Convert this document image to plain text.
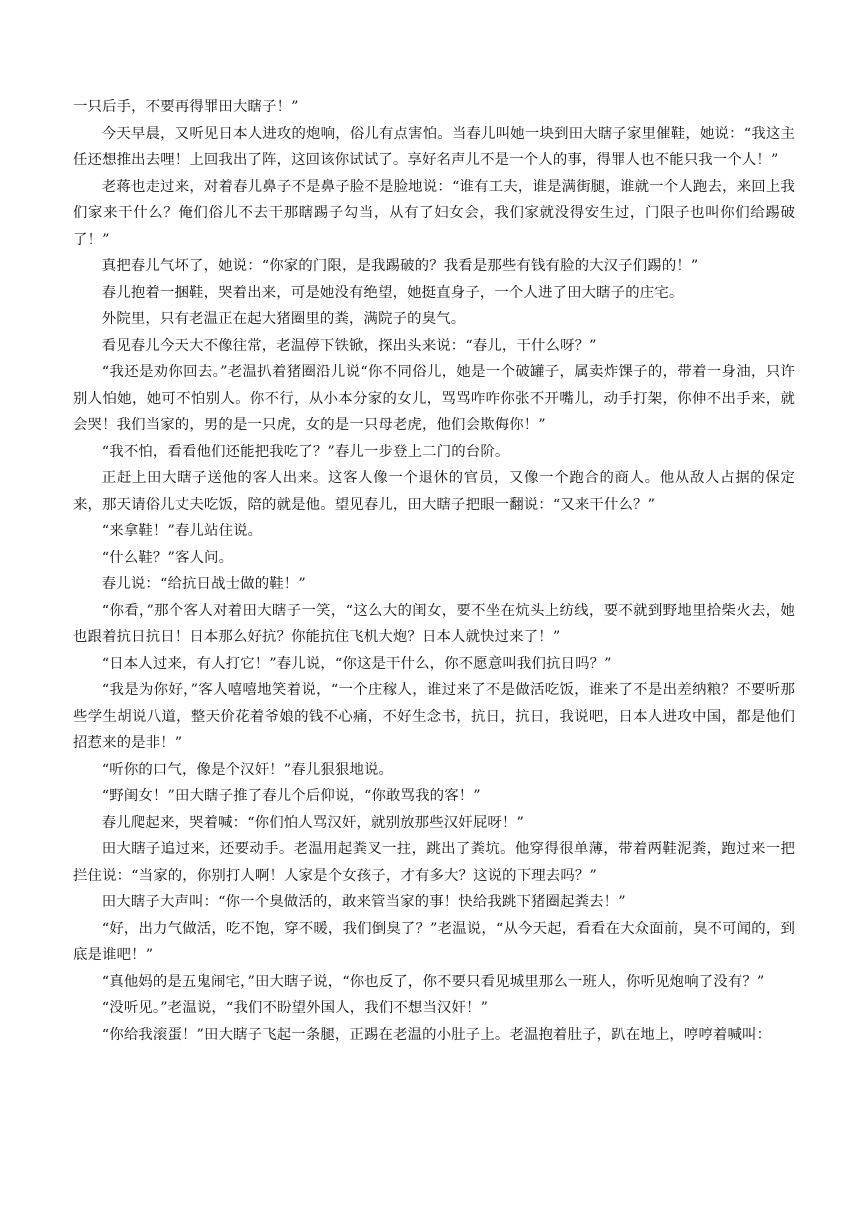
一只后手，不要再得罪田大瞎子！”

今天早晨，又听见日本人进攻的炮响，俗儿有点害怕。当春儿叫她一块到田大瞎子家里催鞋，她说：“我这主任还想推出去哩！上回我出了阵，这回该你试试了。享好名声儿不是一个人的事，得罪人也不能只我一个人！”

老蒋也走过来，对着春儿鼻子不是鼻子脸不是脸地说：“谁有工夫，谁是满街腿，谁就一个人跑去，来回上我们家来干什么？俺们俗儿不去干那瞎踢子勾当，从有了妇女会，我们家就没得安生过，门限子也叫你们给踢破了！”

真把春儿气坏了，她说：“你家的门限，是我踢破的？我看是那些有钱有脸的大汉子们踢的！”

春儿抱着一捆鞋，哭着出来，可是她没有绝望，她挺直身子，一个人进了田大瞎子的庄宅。

外院里，只有老温正在起大猪圈里的粪，满院子的臭气。

看见春儿今天大不像往常，老温停下铁锨，探出头来说：“春儿，干什么呀？”

“我还是劝你回去。”老温扒着猪圈沿儿说“你不同俗儿，她是一个破罐子，属卖炸馃子的，带着一身油，只许别人怕她，她可不怕别人。你不行，从小本分家的女儿，骂骂咋咋你张不开嘴儿，动手打架，你伸不出手来，就会哭！我们当家的，男的是一只虎，女的是一只母老虎，他们会欺侮你！”

“我不怕，看看他们还能把我吃了？”春儿一步登上二门的台阶。

正赶上田大瞎子送他的客人出来。这客人像一个退休的官员，又像一个跑合的商人。他从敌人占据的保定来，那天请俗儿丈夫吃饭，陪的就是他。望见春儿，田大瞎子把眼一翻说：“又来干什么？”

“来拿鞋！”春儿站住说。

“什么鞋？”客人问。

春儿说：“给抗日战士做的鞋！”

“你看，”那个客人对着田大瞎子一笑，“这么大的闺女，要不坐在炕头上纺线，要不就到野地里拾柴火去，她也跟着抗日抗日！日本那么好抗？你能抗住飞机大炮？日本人就快过来了！”

“日本人过来，有人打它！”春儿说，“你这是干什么，你不愿意叫我们抗日吗？”

“我是为你好，”客人嘻嘻地笑着说，“一个庄稼人，谁过来了不是做活吃饭，谁来了不是出差纳粮？不要听那些学生胡说八道，整天价花着爷娘的钱不心痛，不好生念书，抗日，抗日，我说吧，日本人进攻中国，都是他们招惹来的是非！”

“听你的口气，像是个汉奸！”春儿狠狠地说。

“野闺女！”田大瞎子推了春儿个后仰说，“你敢骂我的客！”

春儿爬起来，哭着喊：“你们怕人骂汉奸，就别放那些汉奸屁呀！”

田大瞎子追过来，还要动手。老温用起粪叉一拄，跳出了粪坑。他穿得很单薄，带着两鞋泥粪，跑过来一把拦住说：“当家的，你别打人啊！人家是个女孩子，才有多大？这说的下理去吗？”

田大瞎子大声叫：“你一个臭做活的，敢来管当家的事！快给我跳下猪圈起粪去！”

“好，出力气做活，吃不饱，穿不暖，我们倒臭了？”老温说，“从今天起，看看在大众面前，臭不可闻的，到底是谁吧！”

“真他妈的是五鬼闹宅，”田大瞎子说，“你也反了，你不要只看见城里那么一班人，你听见炮响了没有？”

“没听见。”老温说，“我们不盼望外国人，我们不想当汉奸！”

“你给我滚蛋！”田大瞎子飞起一条腿，正踢在老温的小肚子上。老温抱着肚子，趴在地上，哼哼着喊叫：
